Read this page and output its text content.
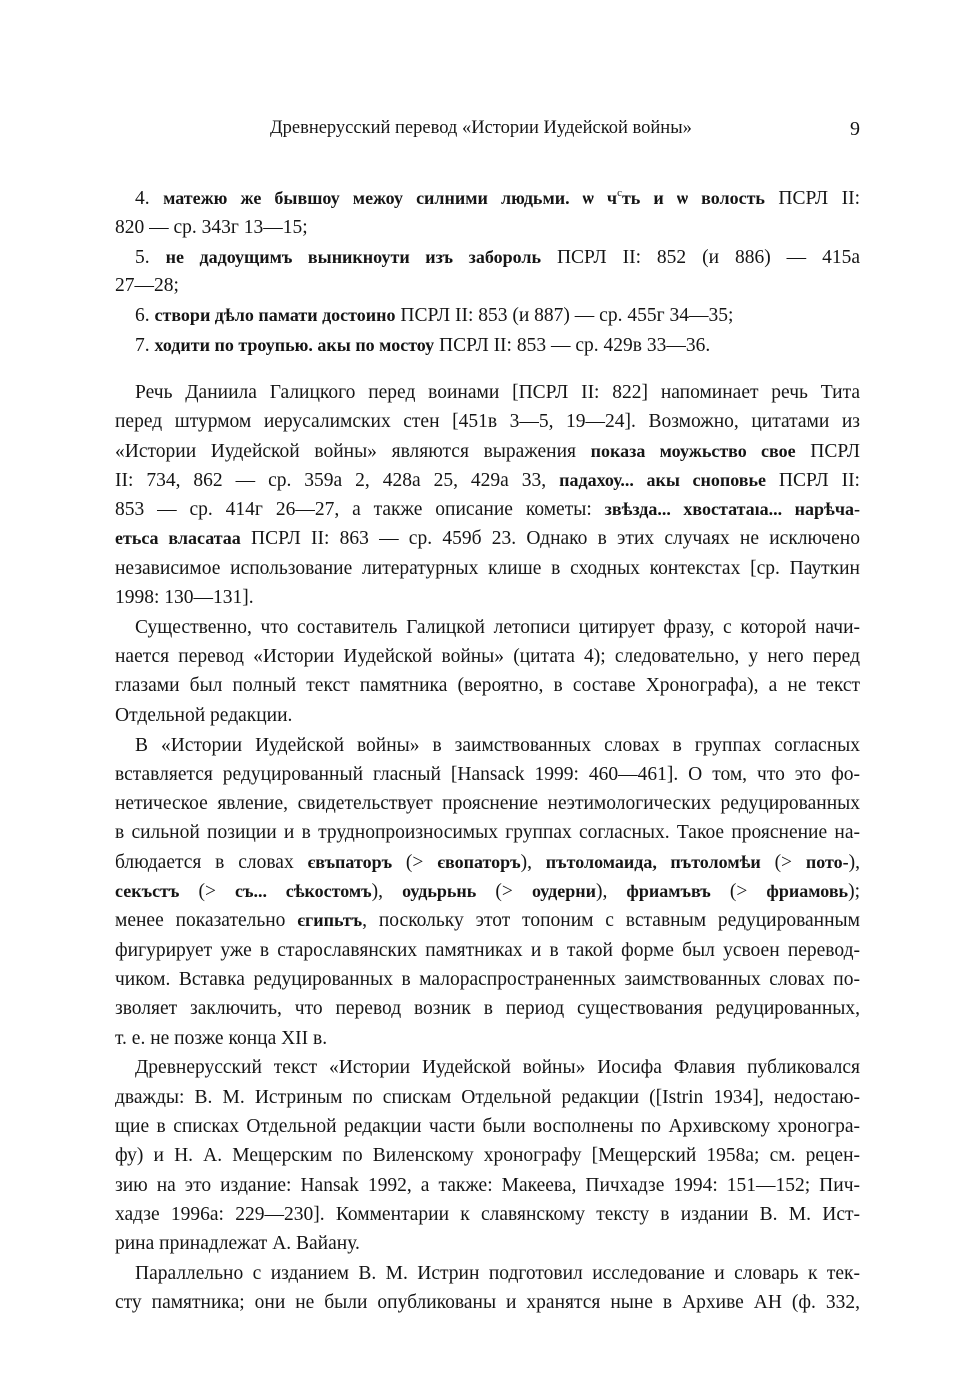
Древнерусский перевод «Истории Иудейской войны»	9
4. матежю же бывшоу межоу силними людьми. ѡ $ч^сть$ и ѡ волость ПСРЛ II:
820 — ср. 343г 13—15;
5. не дадоущимъ выникноути изъ забороль ПСРЛ II: 852 (и 886) — 415а
27—28;
6. створи дѣло памати достоино ПСРЛ II: 853 (и 887) — ср. 455г 34—35;
7. ходити по троупью. акы по мостоу ПСРЛ II: 853 — ср. 429в 33—36.
Речь Даниила Галицкого перед воинами [ПСРЛ II: 822] напоминает речь Тита
перед штурмом иерусалимских стен [451в 3—5, 19—24]. Возможно, цитатами из
«Истории Иудейской войны» являются выражения показа моужьство свое ПСРЛ
II: 734, 862 — ср. 359а 2, 428а 25, 429а 33, падахоу... акы сноповье ПСРЛ II:
853 — ср. 414г 26—27, а также описание кометы: звѣзда... хвостатаıа... нарѣча-
етьса власатаа ПСРЛ II: 863 — ср. 459б 23. Однако в этих случаях не исключено
независимое использование литературных клише в сходных контекстах [ср. Пауткин
1998: 130—131].
Существенно, что составитель Галицкой летописи цитирует фразу, с которой начи-
нается перевод «Истории Иудейской войны» (цитата 4); следовательно, у него перед
глазами был полный текст памятника (вероятно, в составе Хронографа), а не текст
Отдельной редакции.
В «Истории Иудейской войны» в заимствованных словах в группах согласных
вставляется редуцированный гласный [Hansack 1999: 460—461]. О том, что это фо-
нетическое явление, свидетельствует прояснение неэтимологических редуцированных
в сильной позиции и в труднопроизносимых группах согласных. Такое прояснение на-
блюдается в словах євъпаторъ (> євопаторъ), пътоломаида, пътоломѣи (> пото-),
секъстъ (> съ... сѣкостомъ), оудьрьнь (> оудерни), фриамъвъ (> фриамовь);
менее показательно єгипьтъ, поскольку этот топоним с вставным редуцированным
фигурирует уже в старославянских памятниках и в такой форме был усвоен перевод-
чиком. Вставка редуцированных в малораспространенных заимствованных словах по-
зволяет заключить, что перевод возник в период существования редуцированных,
т. е. не позже конца XII в.
Древнерусский текст «Истории Иудейской войны» Иосифа Флавия публиковался
дважды: В. М. Истриным по спискам Отдельной редакции ([Istrin 1934], недостаю-
щие в списках Отдельной редакции части были восполнены по Архивскому хроногра-
фу) и Н. А. Мещерским по Виленскому хронографу [Мещерский 1958а; см. рецен-
зию на это издание: Hansak 1992, а также: Макеева, Пичхадзе 1994: 151—152; Пич-
хадзе 1996а: 229—230]. Комментарии к славянскому тексту в издании В. М. Ист-
рина принадлежат А. Вайану.
Параллельно с изданием В. М. Истрин подготовил исследование и словарь к тек-
сту памятника; они не были опубликованы и хранятся ныне в Архиве АН (ф. 332,
